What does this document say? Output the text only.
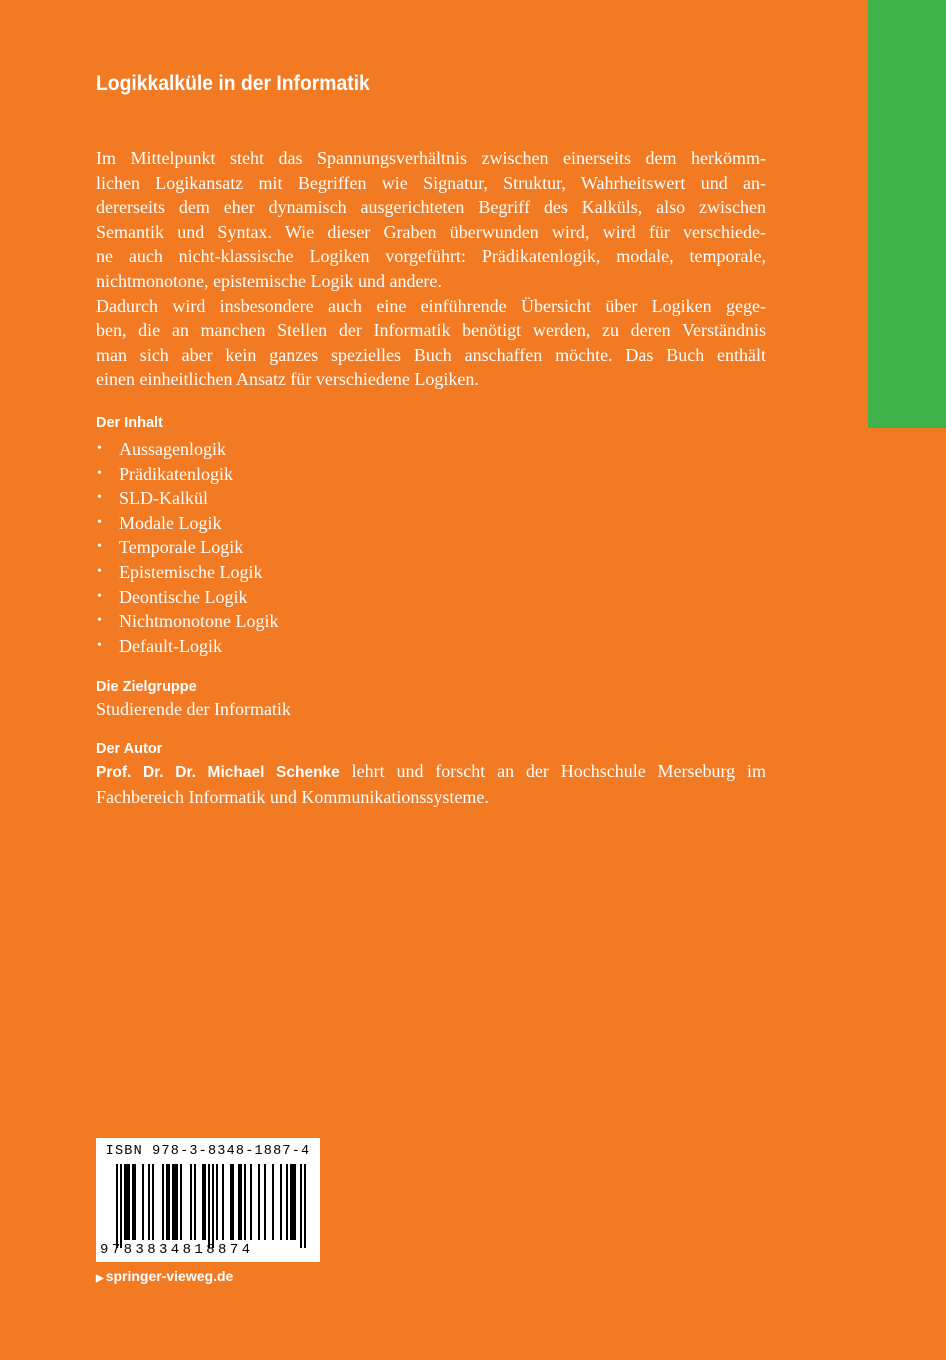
Logikkalküle in der Informatik
Im Mittelpunkt steht das Spannungsverhältnis zwischen einerseits dem herkömm-
lichen Logikansatz mit Begriffen wie Signatur, Struktur, Wahrheitswert und an-
dererseits dem eher dynamisch ausgerichteten Begriff des Kalküls, also zwischen
Semantik und Syntax. Wie dieser Graben überwunden wird, wird für verschiede-
ne auch nicht-klassische Logiken vorgeführt: Prädikatenlogik, modale, temporale,
nichtmonotone, epistemische Logik und andere.
Dadurch wird insbesondere auch eine einführende Übersicht über Logiken gege-
ben, die an manchen Stellen der Informatik benötigt werden, zu deren Verständnis
man sich aber kein ganzes spezielles Buch anschaffen möchte. Das Buch enthält
einen einheitlichen Ansatz für verschiedene Logiken.
Der Inhalt
• Aussagenlogik
• Prädikatenlogik
• SLD-Kalkül
• Modale Logik
• Temporale Logik
• Epistemische Logik
• Deontische Logik
• Nichtmonotone Logik
• Default-Logik
Die Zielgruppe
Studierende der Informatik
Der Autor
Prof. Dr. Dr. Michael Schenke lehrt und forscht an der Hochschule Merseburg im
Fachbereich Informatik und Kommunikationssysteme.
ISBN 978-3-8348-1887-4
9783834818874
▶ springer-vieweg.de
